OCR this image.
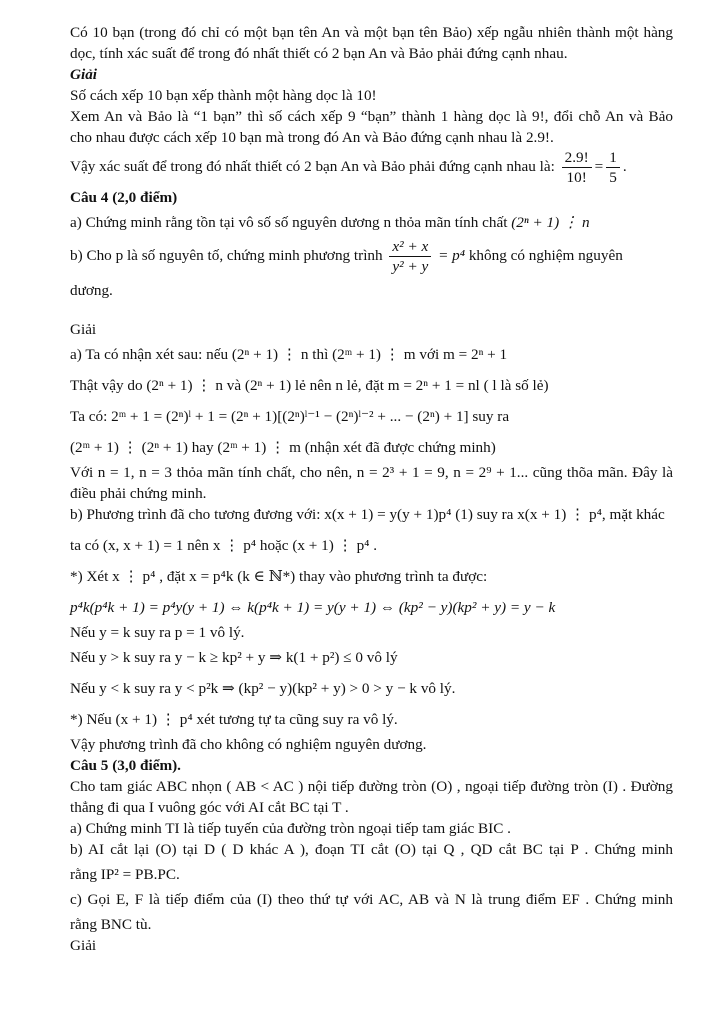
Có 10 bạn (trong đó chỉ có một bạn tên An và một bạn tên Bảo) xếp ngẫu nhiên thành một hàng

dọc, tính xác suất để trong đó nhất thiết có 2 bạn An và Bảo phải đứng cạnh nhau.

Giải

Số cách xếp 10 bạn xếp thành một hàng dọc là 10!

Xem An và Bảo là “1 bạn” thì số cách xếp 9 “bạn” thành 1 hàng dọc là 9!, đổi chỗ An và Bảo

cho nhau được cách xếp 10 bạn mà trong đó An và Bảo đứng cạnh nhau là 2.9!.

Vậy xác suất để trong đó nhất thiết có 2 bạn An và Bảo phải đứng cạnh nhau là: $\frac{2.9!}{10!} = \frac{1}{5}$ .

Câu 4 (2,0 điểm)

a) Chứng minh rằng tồn tại vô số số nguyên dương n thỏa mãn tính chất (2ⁿ + 1) ⋮ n

b) Cho p là số nguyên tố, chứng minh phương trình $\frac{\text{x² + x}}{\text{y² + y}} = p^4$ không có nghiệm nguyên

dương.

Giải

a) Ta có nhận xét sau: nếu (2ⁿ + 1) ⋮ n thì (2ᵐ + 1) ⋮ m với m = 2ⁿ + 1

Thật vậy do (2ⁿ + 1) ⋮ n và (2ⁿ + 1) lẻ nên n lẻ, đặt m = 2ⁿ + 1 = nl ( l là số lẻ)

Ta có: 2ᵐ + 1 = (2ⁿ)ˡ + 1 = (2ⁿ + 1)[(2ⁿ)ˡ⁻¹ − (2ⁿ)ˡ⁻² + ... − (2ⁿ) + 1] suy ra

(2ᵐ + 1) ⋮ (2ⁿ + 1) hay (2ᵐ + 1) ⋮ m (nhận xét đã được chứng minh)

Với n = 1, n = 3 thỏa mãn tính chất, cho nên, n = 2³ + 1 = 9, n = 2⁹ + 1... cũng thõa mãn. Đây là

điều phải chứng minh.

b) Phương trình đã cho tương đương với: x(x + 1) = y(y + 1)p⁴ (1) suy ra x(x + 1) ⋮ p⁴, mặt khác

ta có (x, x + 1) = 1 nên x ⋮ p⁴ hoặc (x + 1) ⋮ p⁴ .

*) Xét x ⋮ p⁴ , đặt x = p⁴k (k ∈ ℕ*) thay vào phương trình ta được:

p⁴k(p⁴k + 1) = p⁴y(y + 1) ⇔ k(p⁴k + 1) = y(y + 1) ⇔ (kp² − y)(kp² + y) = y − k

Nếu y = k suy ra p = 1 vô lý.

Nếu y > k suy ra y − k ≥ kp² + y ⇒ k(1 + p²) ≤ 0 vô lý

Nếu y < k suy ra y < p²k ⇒ (kp² − y)(kp² + y) > 0 > y − k vô lý.

*) Nếu (x + 1) ⋮ p⁴ xét tương tự ta cũng suy ra vô lý.

Vậy phương trình đã cho không có nghiệm nguyên dương.

Câu 5 (3,0 điểm).

Cho tam giác ABC nhọn ( AB < AC ) nội tiếp đường tròn (O) , ngoại tiếp đường tròn (I) . Đường

thẳng đi qua I vuông góc với AI cắt BC tại T .

a) Chứng minh TI là tiếp tuyến của đường tròn ngoại tiếp tam giác BIC .

b) AI cắt lại (O) tại D ( D khác A ), đoạn TI cắt (O) tại Q , QD cắt BC tại P . Chứng minh

rằng IP² = PB.PC.

c) Gọi E, F là tiếp điểm của (I) theo thứ tự với AC, AB và N là trung điểm EF . Chứng minh

rằng BNC tù.

Giải
